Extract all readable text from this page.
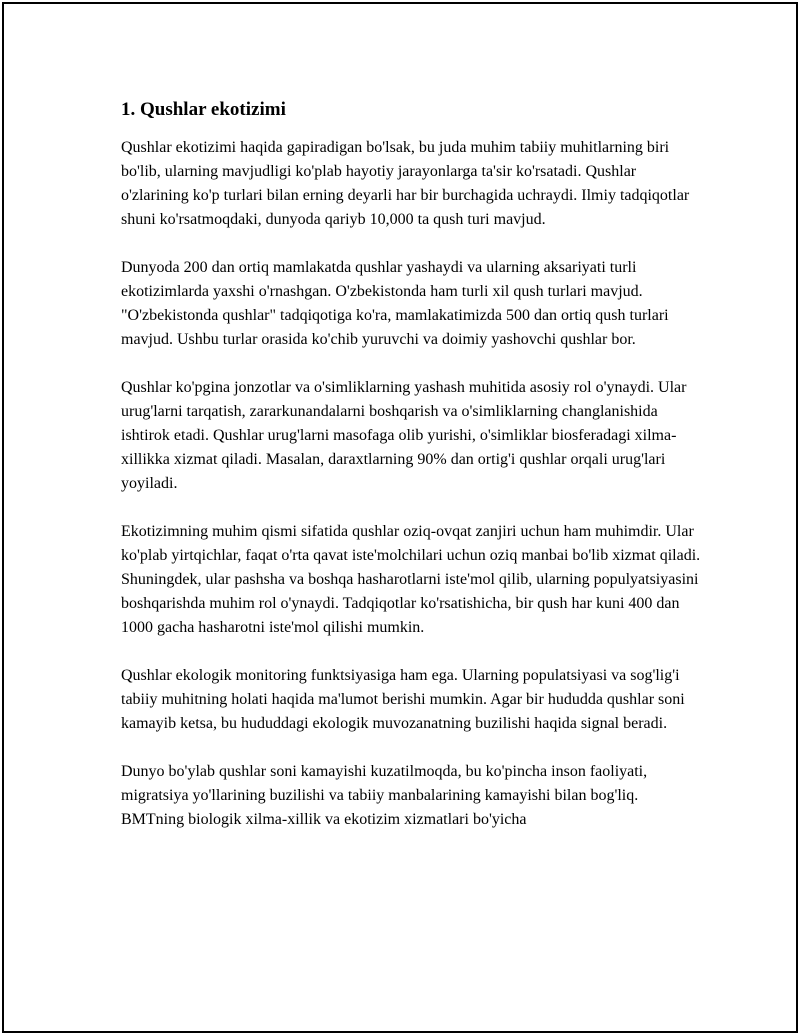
1. Qushlar ekotizimi

Qushlar ekotizimi haqida gapiradigan bo'lsak, bu juda muhim tabiiy muhitlarning biri bo'lib, ularning mavjudligi ko'plab hayotiy jarayonlarga ta'sir ko'rsatadi. Qushlar o'zlarining ko'p turlari bilan erning deyarli har bir burchagida uchraydi. Ilmiy tadqiqotlar shuni ko'rsatmoqdaki, dunyoda qariyb 10,000 ta qush turi mavjud.

Dunyoda 200 dan ortiq mamlakatda qushlar yashaydi va ularning aksariyati turli ekotizimlarda yaxshi o'rnashgan. O'zbekistonda ham turli xil qush turlari mavjud. "O'zbekistonda qushlar" tadqiqotiga ko'ra, mamlakatimizda 500 dan ortiq qush turlari mavjud. Ushbu turlar orasida ko'chib yuruvchi va doimiy yashovchi qushlar bor.

Qushlar ko'pgina jonzotlar va o'simliklarning yashash muhitida asosiy rol o'ynaydi. Ular urug'larni tarqatish, zararkunandalarni boshqarish va o'simliklarning changlanishida ishtirok etadi. Qushlar urug'larni masofaga olib yurishi, o'simliklar biosferadagi xilma-xillikka xizmat qiladi. Masalan, daraxtlarning 90% dan ortig'i qushlar orqali urug'lari yoyiladi.

Ekotizimning muhim qismi sifatida qushlar oziq-ovqat zanjiri uchun ham muhimdir. Ular ko'plab yirtqichlar, faqat o'rta qavat iste'molchilari uchun oziq manbai bo'lib xizmat qiladi. Shuningdek, ular pashsha va boshqa hasharotlarni iste'mol qilib, ularning populyatsiyasini boshqarishda muhim rol o'ynaydi. Tadqiqotlar ko'rsatishicha, bir qush har kuni 400 dan 1000 gacha hasharotni iste'mol qilishi mumkin.

Qushlar ekologik monitoring funktsiyasiga ham ega. Ularning populatsiyasi va sog'lig'i tabiiy muhitning holati haqida ma'lumot berishi mumkin. Agar bir hududda qushlar soni kamayib ketsa, bu hududdagi ekologik muvozanatning buzilishi haqida signal beradi.

Dunyo bo'ylab qushlar soni kamayishi kuzatilmoqda, bu ko'pincha inson faoliyati, migratsiya yo'llarining buzilishi va tabiiy manbalarining kamayishi bilan bog'liq. BMTning biologik xilma-xillik va ekotizim xizmatlari bo'yicha
